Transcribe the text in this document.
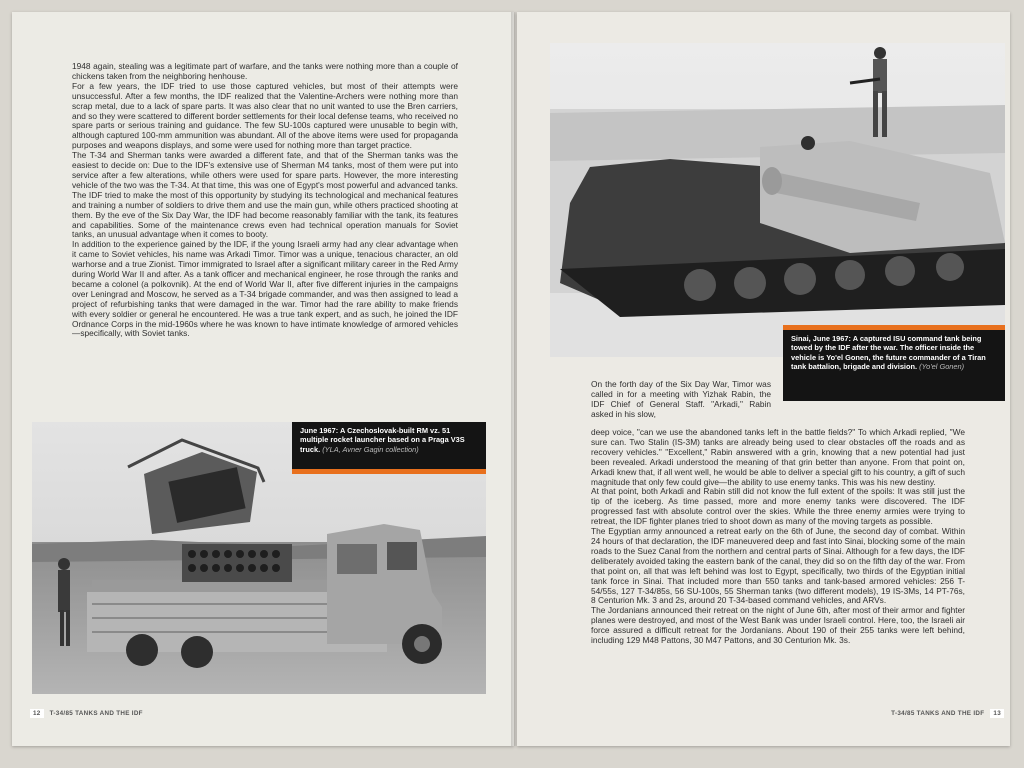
1948 again, stealing was a legitimate part of warfare, and the tanks were nothing more than a couple of chickens taken from the neighboring henhouse.

For a few years, the IDF tried to use those captured vehicles, but most of their attempts were unsuccessful. After a few months, the IDF realized that the Valentine-Archers were nothing more than scrap metal, due to a lack of spare parts. It was also clear that no unit wanted to use the Bren carriers, and so they were scattered to different border settlements for their local defense teams, who received no spare parts or serious training and guidance. The few SU-100s captured were unusable to begin with, although captured 100-mm ammunition was abundant. All of the above items were used for propaganda purposes and weapons displays, and some were used for nothing more than target practice.

The T-34 and Sherman tanks were awarded a different fate, and that of the Sherman tanks was the easiest to decide on: Due to the IDF's extensive use of Sherman M4 tanks, most of them were put into service after a few alterations, while others were used for spare parts. However, the more interesting vehicle of the two was the T-34. At that time, this was one of Egypt's most powerful and advanced tanks. The IDF tried to make the most of this opportunity by studying its technological and mechanical features and training a number of soldiers to drive them and use the main gun, while others practiced shooting at them. By the eve of the Six Day War, the IDF had become reasonably familiar with the tank, its features and capabilities. Some of the maintenance crews even had technical operation manuals for Soviet tanks, an unusual advantage when it comes to booty.

In addition to the experience gained by the IDF, if the young Israeli army had any clear advantage when it came to Soviet vehicles, his name was Arkadi Timor. Timor was a unique, tenacious character, an old warhorse and a true Zionist. Timor immigrated to Israel after a significant military career in the Red Army during World War II and after. As a tank officer and mechanical engineer, he rose through the ranks and became a colonel (a polkovnik). At the end of World War II, after five different injuries in the campaigns over Leningrad and Moscow, he served as a T-34 brigade commander, and was then assigned to lead a project of refurbishing tanks that were damaged in the war. Timor had the rare ability to make friends with every soldier or general he encountered. He was a true tank expert, and as such, he joined the IDF Ordnance Corps in the mid-1960s where he was known to have intimate knowledge of armored vehicles—specifically, with Soviet tanks.

June 1967: A Czechoslovak-built RM vz. 51 multiple rocket launcher based on a Praga V3S truck. (YLA, Avner Gagin collection)
12 T-34/85 TANKS AND THE IDF
Sinai, June 1967: A captured ISU command tank being towed by the IDF after the war. The officer inside the vehicle is Yo'el Gonen, the future commander of a Tiran tank battalion, brigade and division. (Yo'el Gonen)
On the forth day of the Six Day War, Timor was called in for a meeting with Yizhak Rabin, the IDF Chief of General Staff. "Arkadi," Rabin asked in his slow,

deep voice, "can we use the abandoned tanks left in the battle fields?" To which Arkadi replied, "We sure can. Two Stalin (IS-3M) tanks are already being used to clear obstacles off the roads and as recovery vehicles." "Excellent," Rabin answered with a grin, knowing that a new potential had just been revealed. Arkadi understood the meaning of that grin better than anyone. From that point on, Arkadi knew that, if all went well, he would be able to deliver a special gift to his country, a gift of such magnitude that only few could give—the ability to use enemy tanks. This was his new destiny.

At that point, both Arkadi and Rabin still did not know the full extent of the spoils: It was still just the tip of the iceberg. As time passed, more and more enemy tanks were discovered. The IDF progressed fast with absolute control over the skies. While the three enemy armies were trying to retreat, the IDF fighter planes tried to shoot down as many of the moving targets as possible.

The Egyptian army announced a retreat early on the 6th of June, the second day of combat. Within 24 hours of that declaration, the IDF maneuvered deep and fast into Sinai, blocking some of the main roads to the Suez Canal from the northern and central parts of Sinai. Although for a few days, the IDF deliberately avoided taking the eastern bank of the canal, they did so on the fifth day of the war. From that point on, all that was left behind was lost to Egypt, specifically, two thirds of the Egyptian initial tank force in Sinai. That included more than 550 tanks and tank-based armored vehicles: 256 T-54/55s, 127 T-34/85s, 56 SU-100s, 55 Sherman tanks (two different models), 19 IS-3Ms, 14 PT-76s, 8 Centurion Mk. 3 and 2s, around 20 T-34-based command vehicles, and ARVs.

The Jordanians announced their retreat on the night of June 6th, after most of their armor and fighter planes were destroyed, and most of the West Bank was under Israeli control. Here, too, the Israeli air force assured a difficult retreat for the Jordanians. About 190 of their 255 tanks were left behind, including 129 M48 Pattons, 30 M47 Pattons, and 30 Centurion Mk. 3s.

T-34/85 TANKS AND THE IDF 13
